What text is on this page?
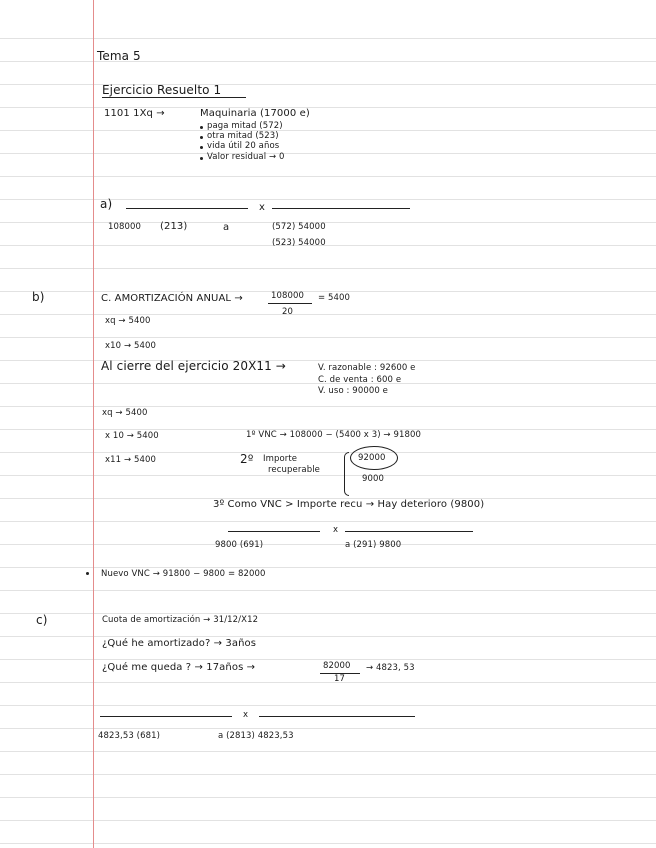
Tema 5
Ejercicio Resuelto 1
1101 1Xq →	Maquinaria (17000 e)
paga mitad (572)
otra mitad (523)
vida útil 20 años
Valor residual → 0
a)	x
108000 (213)	a	(572) 54000
(523) 54000
b)	C. AMORTIZACIÓN ANUAL →	108000
20
= 5400
xq → 5400
x10 → 5400
Al cierre del ejercicio 20X11 →	V. razonable : 92600 e
C. de venta : 600 e
V. uso : 90000 e
xq → 5400
x 10 → 5400
x11 → 5400
1º VNC → 108000 − (5400 x 3) → 91800
2º Importe
recuperable
92000
9000
3º Como VNC > Importe recu → Hay deterioro (9800)
x
9800 (691)	a (291) 9800
Nuevo VNC → 91800 − 9800 = 82000
c)	Cuota de amortización → 31/12/X12
¿Qué he amortizado? → 3años
¿Qué me queda ? → 17años →	82000
17
→ 4823, 53
x
4823,53 (681)	a (2813) 4823,53
